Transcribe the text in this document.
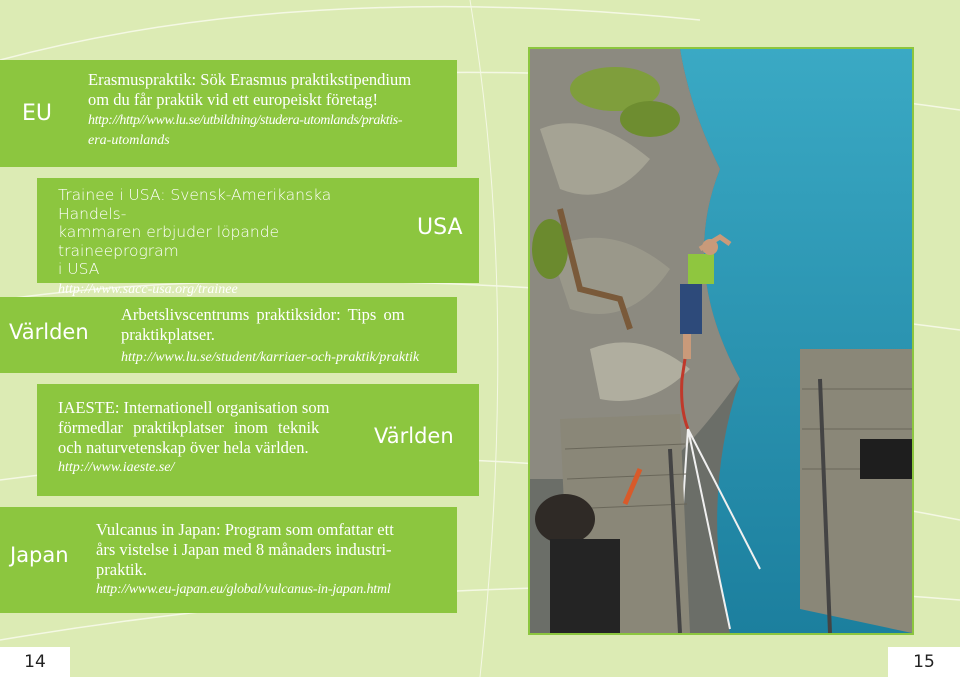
EU
Erasmuspraktik: Sök Erasmus praktikstipendium
om du får praktik vid ett europeiskt företag!
http://http//www.lu.se/utbildning/studera-utomlands/praktis-
era-utomlands
Trainee i USA: Svensk-Amerikanska Handels-
kammaren erbjuder löpande traineeprogram
i USA
http://www.sacc-usa.org/trainee
USA
Världen
Arbetslivscentrums praktiksidor: Tips om
praktikplatser.
http://www.lu.se/student/karriaer-och-praktik/praktik
IAESTE: Internationell organisation som
förmedlar praktikplatser inom teknik
och naturvetenskap över hela världen.
http://www.iaeste.se/
Världen
Japan
Vulcanus in Japan: Program som omfattar ett
års vistelse i Japan med 8 månaders industri-
praktik.
http://www.eu-japan.eu/global/vulcanus-in-japan.html
14	15
